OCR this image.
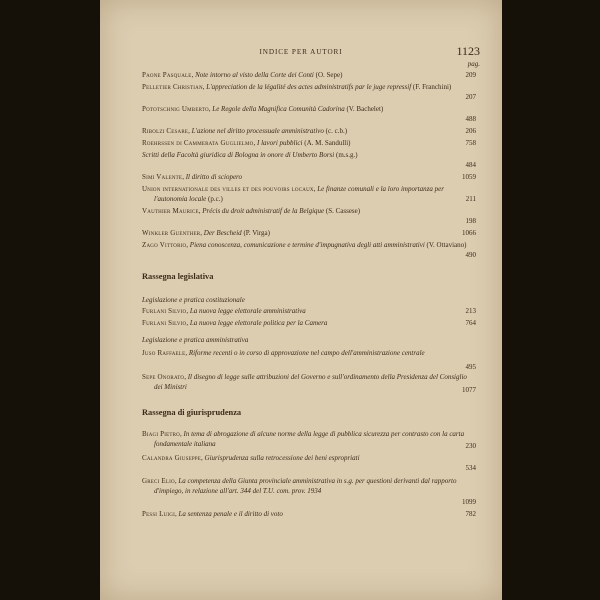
INDICE PER AUTORI	1123
pag.
Paone Pasquale, Note intorno al visto della Corte dei Conti (O. Sepe)	209
Pelletier Christian, L'appreciation de la légalité des actes administratifs par le juge repressif (F. Franchini)
207
Pototschnig Umberto, Le Regole della Magnifica Comunità Cadorina (V. Bachelet)
488
Ribolzi Cesare, L'azione nel diritto processuale amministrativo (c. c.b.)	206
Roehrssen di Cammerata Guglielmo, I lavori pubblici (A. M. Sandulli)	758
Scritti della Facoltà giuridica di Bologna in onore di Umberto Borsi (m.s.g.)
484
Simi Valente, Il diritto di sciopero	1059
Union internationale des villes et des pouvoirs locaux, Le finanze comunali e la loro importanza per l'autonomia locale (p.c.)	211
Vauthier Maurice, Précis du droit administratif de la Belgique (S. Cassese)
198
Winkler Guenther, Der Bescheid (P. Virga)	1066
Zago Vittorio, Piena conoscenza, comunicazione e termine d'impugnativa degli atti amministrativi (V. Ottaviano)
490
Rassegna legislativa
Legislazione e pratica costituzionale
Furlani Silvio, La nuova legge elettorale amministrativa	213
Furlani Silvio, La nuova legge elettorale politica per la Camera	764
Legislazione e pratica amministrativa
Juso Raffaele, Riforme recenti o in corso di approvazione nel campo dell'amministrazione centrale
495
Sepe Onorato, Il disegno di legge sulle attribuzioni del Governo e sull'ordinamento della Presidenza del Consiglio dei Ministri	1077
Rassegna di giurisprudenza
Biagi Pietro, In tema di abrogazione di alcune norme della legge di pubblica sicurezza per contrasto con la carta fondamentale italiana	230
Calandra Giuseppe, Giurisprudenza sulla retrocessione dei beni espropriati
534
Greci Elio, La competenza della Giunta provinciale amministrativa in s.g. per questioni derivanti dal rapporto d'impiego, in relazione all'art. 344 del T.U. com. prov. 1934
1099
Pessi Luigi, La sentenza penale e il diritto di voto	782
